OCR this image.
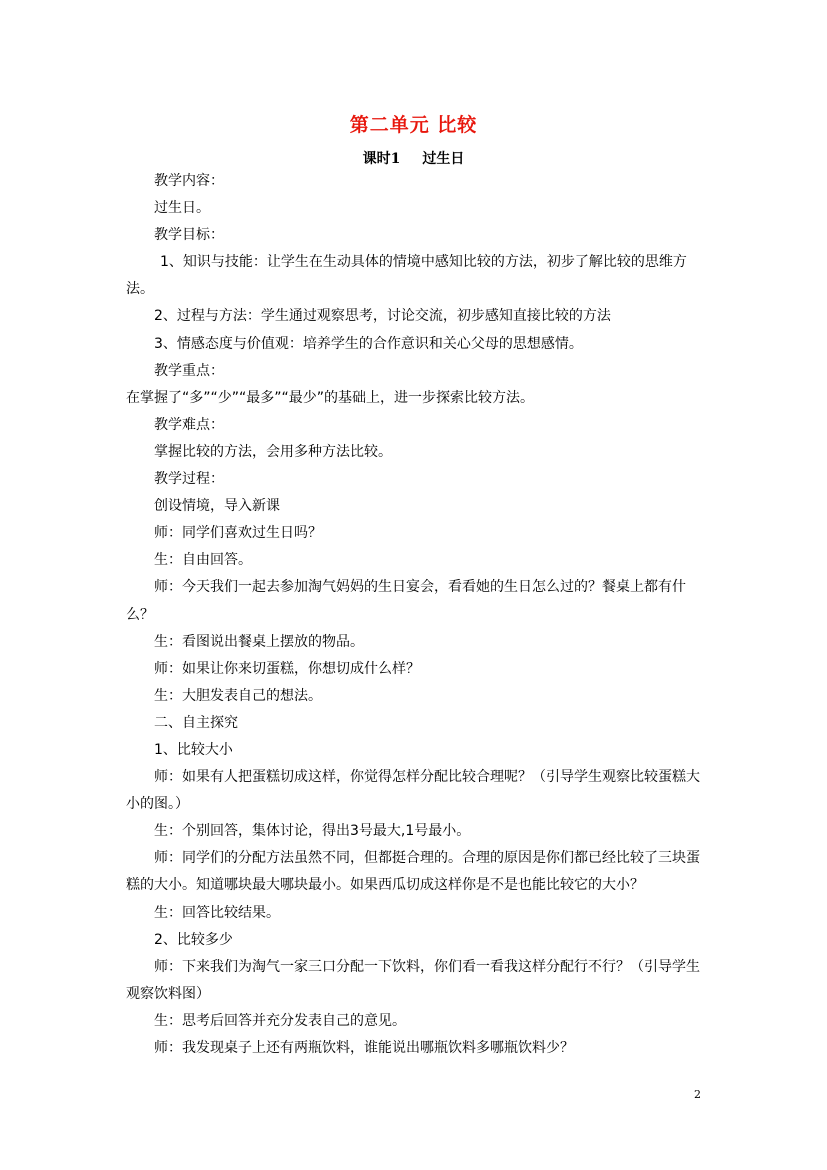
第二单元 比较
课时1 过生日

教学内容：

过生日。

教学目标：

1、知识与技能：让学生在生动具体的情境中感知比较的方法，初步了解比较的思维方法。

2、过程与方法：学生通过观察思考，讨论交流，初步感知直接比较的方法

3、情感态度与价值观：培养学生的合作意识和关心父母的思想感情。

教学重点：

在掌握了“多”“少”“最多”“最少”的基础上，进一步探索比较方法。

教学难点：

掌握比较的方法，会用多种方法比较。

教学过程：

创设情境，导入新课

师：同学们喜欢过生日吗？

生：自由回答。

师：今天我们一起去参加淘气妈妈的生日宴会，看看她的生日怎么过的？餐桌上都有什么？

生：看图说出餐桌上摆放的物品。

师：如果让你来切蛋糕，你想切成什么样？

生：大胆发表自己的想法。

二、自主探究

1、比较大小

师：如果有人把蛋糕切成这样，你觉得怎样分配比较合理呢？（引导学生观察比较蛋糕大小的图。）

生：个别回答，集体讨论，得出3号最大,1号最小。

师：同学们的分配方法虽然不同，但都挺合理的。合理的原因是你们都已经比较了三块蛋糕的大小。知道哪块最大哪块最小。如果西瓜切成这样你是不是也能比较它的大小？

生：回答比较结果。

2、比较多少

师：下来我们为淘气一家三口分配一下饮料，你们看一看我这样分配行不行？（引导学生观察饮料图）

生：思考后回答并充分发表自己的意见。

师：我发现桌子上还有两瓶饮料，谁能说出哪瓶饮料多哪瓶饮料少？

2
